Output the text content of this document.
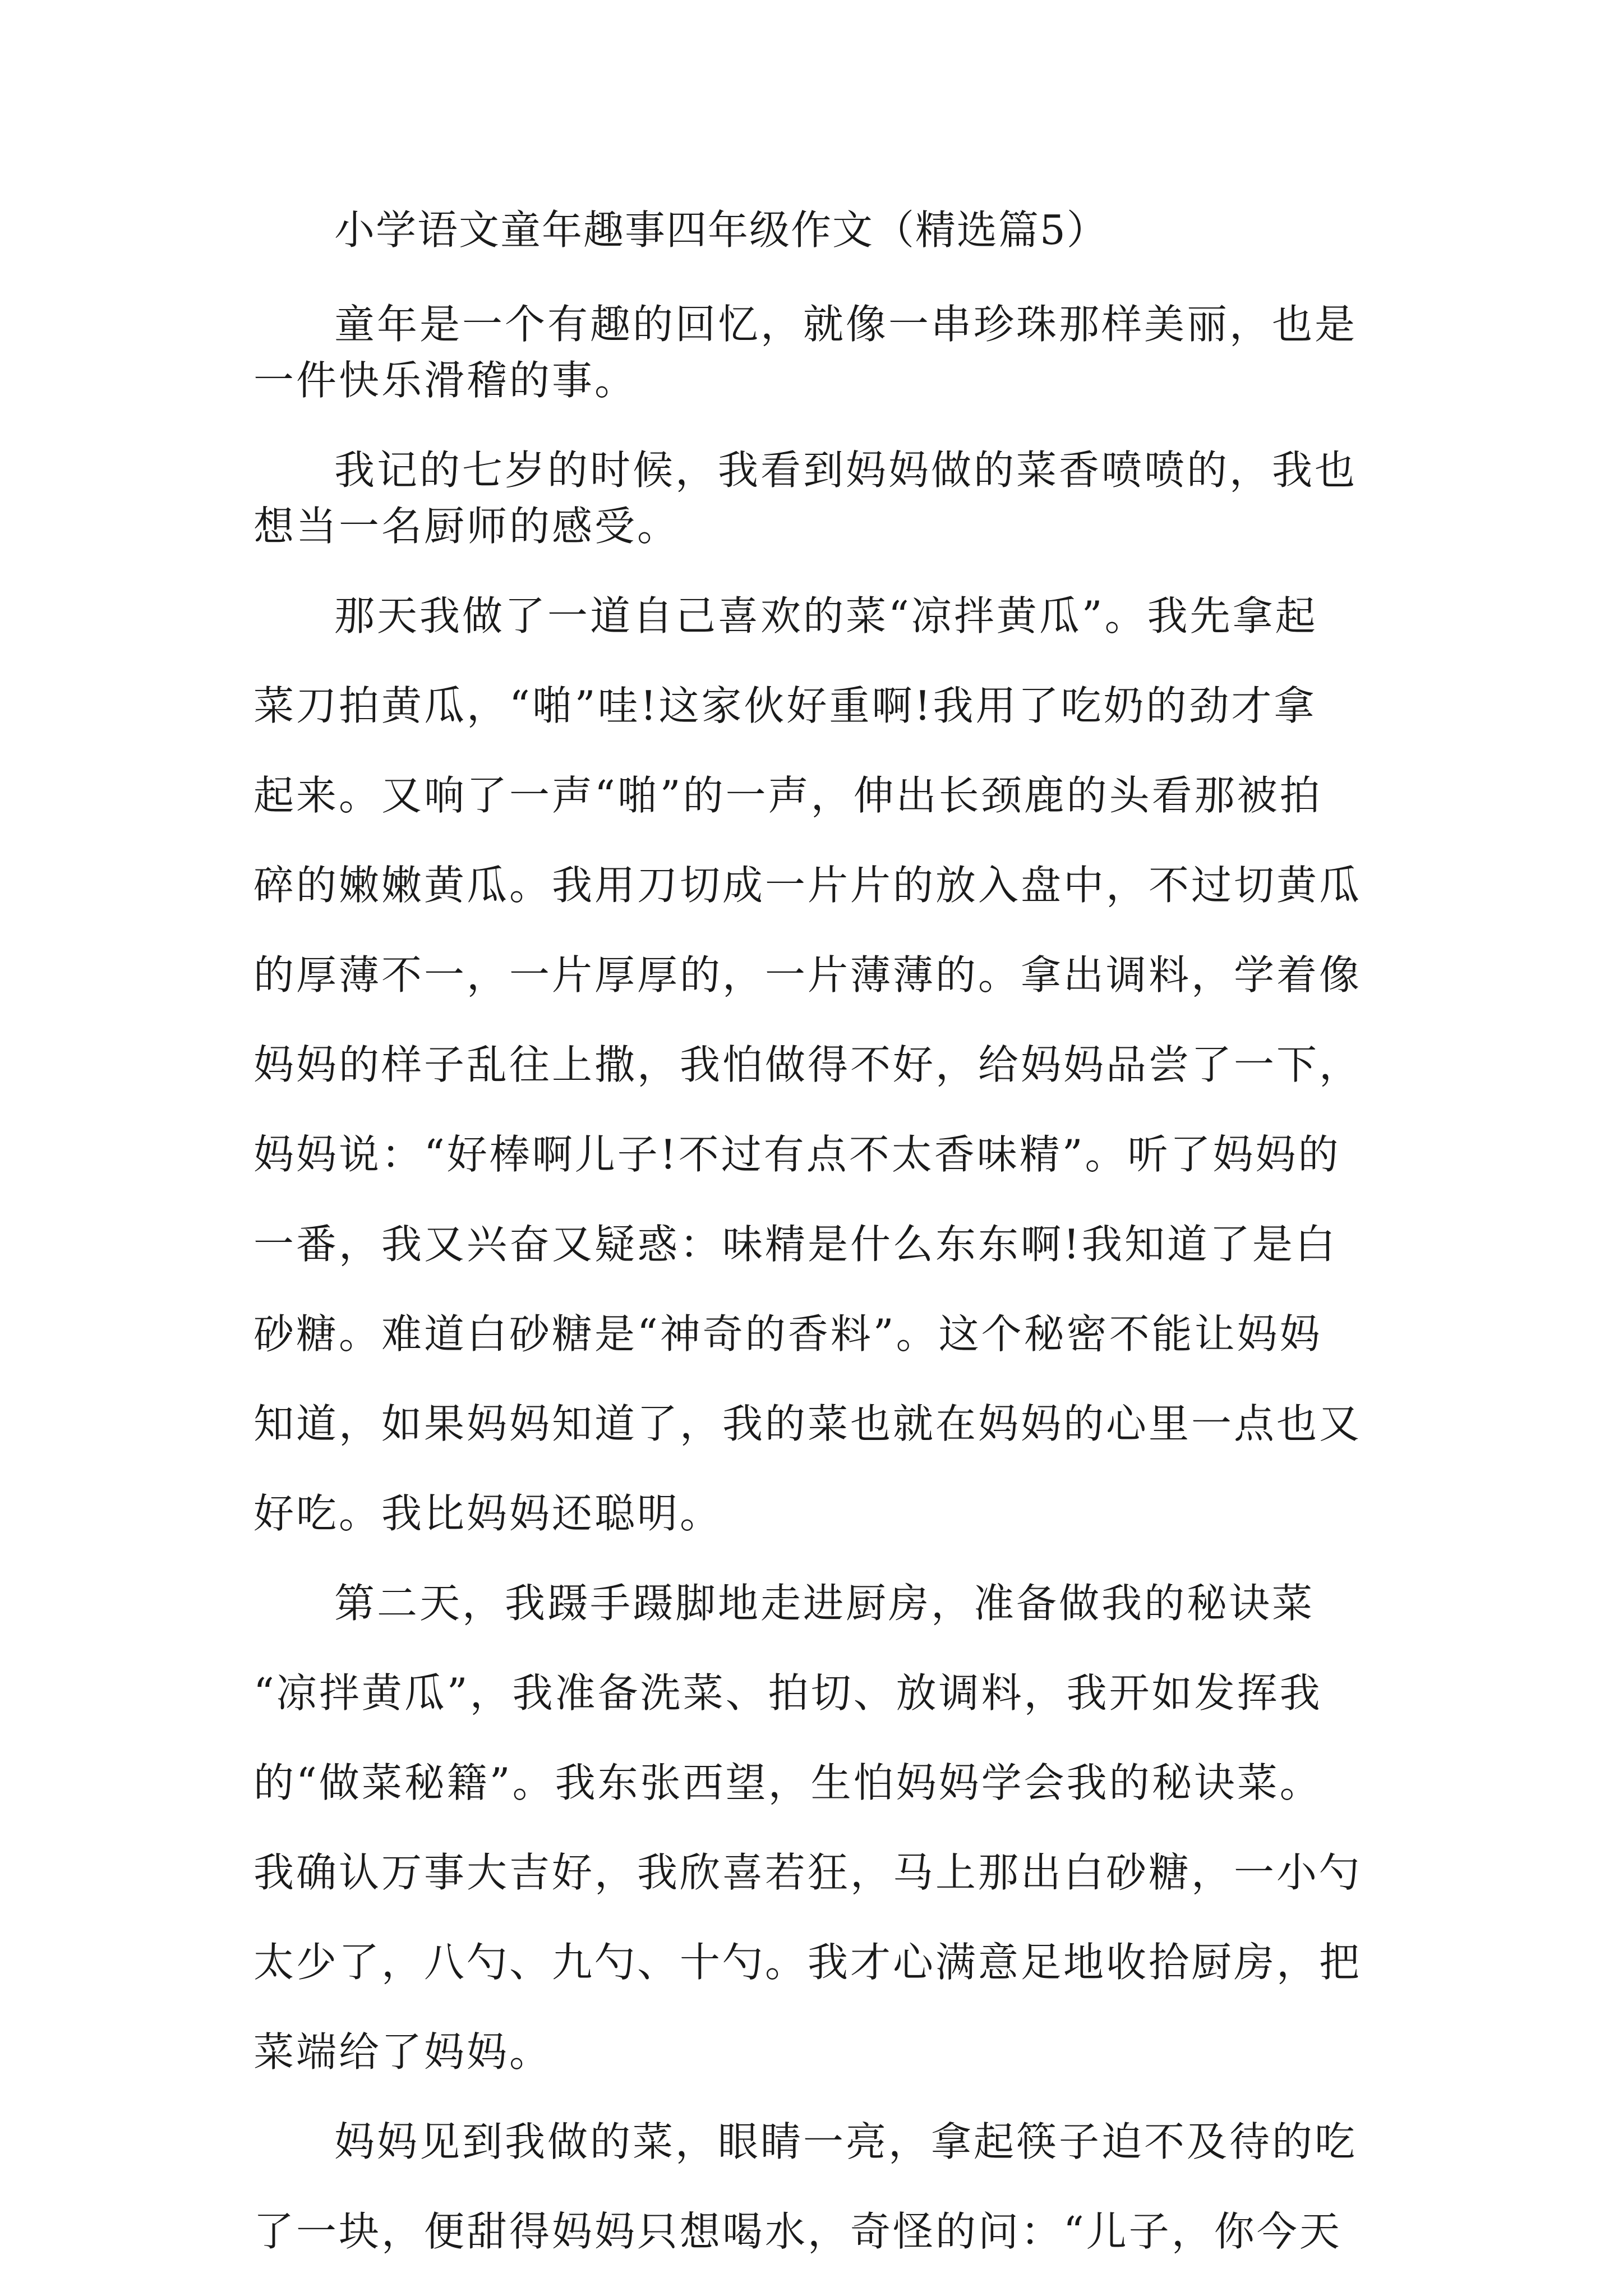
小学语文童年趣事四年级作文（精选篇5）
童年是一个有趣的回忆，就像一串珍珠那样美丽，也是
一件快乐滑稽的事。
我记的七岁的时候，我看到妈妈做的菜香喷喷的，我也
想当一名厨师的感受。
那天我做了一道自己喜欢的菜“凉拌黄瓜”。我先拿起
菜刀拍黄瓜，“啪”哇!这家伙好重啊!我用了吃奶的劲才拿
起来。又响了一声“啪”的一声，伸出长颈鹿的头看那被拍
碎的嫩嫩黄瓜。我用刀切成一片片的放入盘中，不过切黄瓜
的厚薄不一，一片厚厚的，一片薄薄的。拿出调料，学着像
妈妈的样子乱往上撒，我怕做得不好，给妈妈品尝了一下，
妈妈说：“好棒啊儿子!不过有点不太香味精”。听了妈妈的
一番，我又兴奋又疑惑：味精是什么东东啊!我知道了是白
砂糖。难道白砂糖是“神奇的香料”。这个秘密不能让妈妈
知道，如果妈妈知道了，我的菜也就在妈妈的心里一点也又
好吃。我比妈妈还聪明。
第二天，我蹑手蹑脚地走进厨房，准备做我的秘诀菜
“凉拌黄瓜”，我准备洗菜、拍切、放调料，我开如发挥我
的“做菜秘籍”。我东张西望，生怕妈妈学会我的秘诀菜。
我确认万事大吉好，我欣喜若狂，马上那出白砂糖，一小勺
太少了，八勺、九勺、十勺。我才心满意足地收拾厨房，把
菜端给了妈妈。
妈妈见到我做的菜，眼睛一亮，拿起筷子迫不及待的吃
了一块，便甜得妈妈只想喝水，奇怪的问：“儿子，你今天
